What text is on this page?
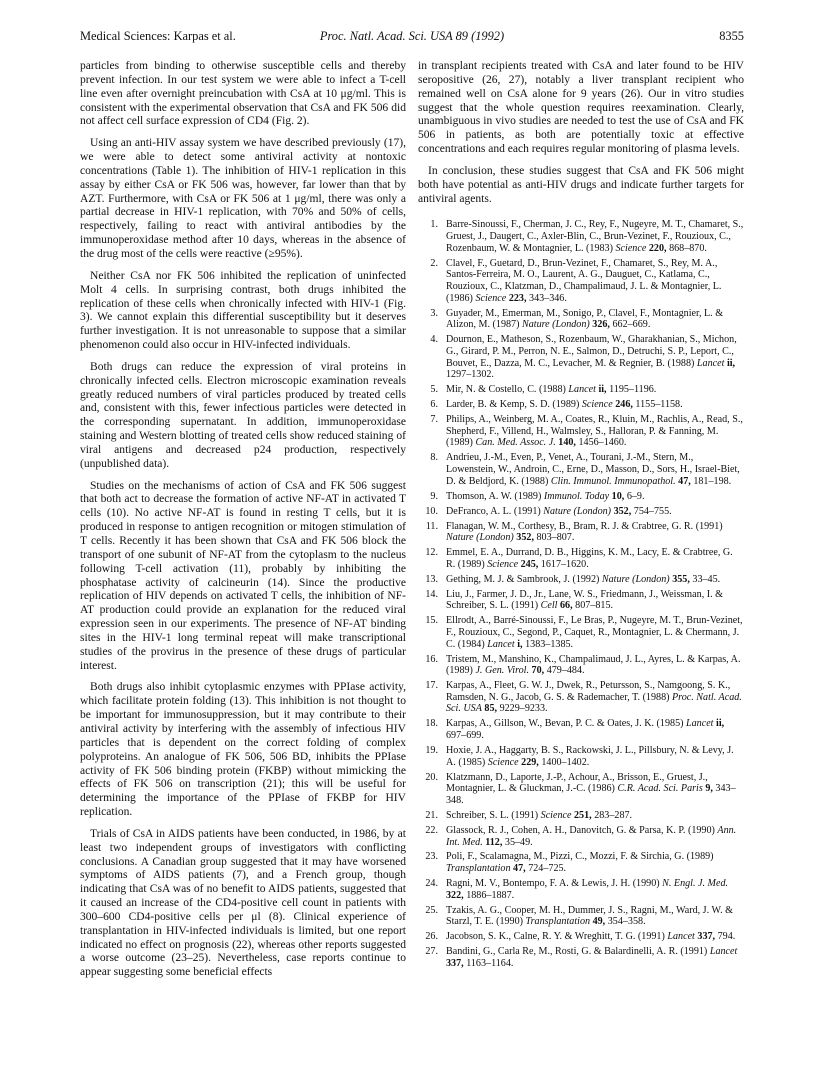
Medical Sciences: Karpas et al.	Proc. Natl. Acad. Sci. USA 89 (1992)	8355

particles from binding to otherwise susceptible cells and thereby prevent infection. In our test system we were able to infect a T-cell line even after overnight preincubation with CsA at 10 μg/ml. This is consistent with the experimental observation that CsA and FK 506 did not affect cell surface expression of CD4 (Fig. 2).

Using an anti-HIV assay system we have described previously (17), we were able to detect some antiviral activity at nontoxic concentrations (Table 1). The inhibition of HIV-1 replication in this assay by either CsA or FK 506 was, however, far lower than that by AZT. Furthermore, with CsA or FK 506 at 1 μg/ml, there was only a partial decrease in HIV-1 replication, with 70% and 50% of cells, respectively, failing to react with antiviral antibodies by the immunoperoxidase method after 10 days, whereas in the absence of the drug most of the cells were reactive (≥95%).

Neither CsA nor FK 506 inhibited the replication of uninfected Molt 4 cells. In surprising contrast, both drugs inhibited the replication of these cells when chronically infected with HIV-1 (Fig. 3). We cannot explain this differential susceptibility but it deserves further investigation. It is not unreasonable to suppose that a similar phenomenon could also occur in HIV-infected individuals.

Both drugs can reduce the expression of viral proteins in chronically infected cells. Electron microscopic examination reveals greatly reduced numbers of viral particles produced by treated cells and, consistent with this, fewer infectious particles were detected in the corresponding supernatant. In addition, immunoperoxidase staining and Western blotting of treated cells show reduced staining of viral antigens and decreased p24 production, respectively (unpublished data).

Studies on the mechanisms of action of CsA and FK 506 suggest that both act to decrease the formation of active NF-AT in activated T cells (10). No active NF-AT is found in resting T cells, but it is produced in response to antigen recognition or mitogen stimulation of T cells. Recently it has been shown that CsA and FK 506 block the transport of one subunit of NF-AT from the cytoplasm to the nucleus following T-cell activation (11), probably by inhibiting the phosphatase activity of calcineurin (14). Since the productive replication of HIV depends on activated T cells, the inhibition of NF-AT production could provide an explanation for the reduced viral expression seen in our experiments. The presence of NF-AT binding sites in the HIV-1 long terminal repeat will make transcriptional studies of the provirus in the presence of these drugs of particular interest.

Both drugs also inhibit cytoplasmic enzymes with PPIase activity, which facilitate protein folding (13). This inhibition is not thought to be important for immunosuppression, but it may contribute to their antiviral activity by interfering with the assembly of infectious HIV particles that is dependent on the correct folding of complex polyproteins. An analogue of FK 506, 506 BD, inhibits the PPIase activity of FK 506 binding protein (FKBP) without mimicking the effects of FK 506 on transcription (21); this will be useful for determining the importance of the PPIase of FKBP for HIV replication.

Trials of CsA in AIDS patients have been conducted, in 1986, by at least two independent groups of investigators with conflicting conclusions. A Canadian group suggested that it may have worsened symptoms of AIDS patients (7), and a French group, though indicating that CsA was of no benefit to AIDS patients, suggested that it caused an increase of the CD4-positive cell count in patients with 300–600 CD4-positive cells per μl (8). Clinical experience of transplantation in HIV-infected individuals is limited, but one report indicated no effect on prognosis (22), whereas other reports suggested a worse outcome (23–25). Nevertheless, case reports continue to appear suggesting some beneficial effects

in transplant recipients treated with CsA and later found to be HIV seropositive (26, 27), notably a liver transplant recipient who remained well on CsA alone for 9 years (26). Our in vitro studies suggest that the whole question requires reexamination. Clearly, unambiguous in vivo studies are needed to test the use of CsA and FK 506 in patients, as both are potentially toxic at effective concentrations and each requires regular monitoring of plasma levels.

In conclusion, these studies suggest that CsA and FK 506 might both have potential as anti-HIV drugs and indicate further targets for antiviral agents.

1. Barre-Sinoussi, F., Cherman, J. C., Rey, F., Nugeyre, M. T., Chamaret, S., Gruest, J., Daugert, C., Axler-Blin, C., Brun-Vezinet, F., Rouzioux, C., Rozenbaum, W. & Montagnier, L. (1983) Science 220, 868–870.
2. Clavel, F., Guetard, D., Brun-Vezinet, F., Chamaret, S., Rey, M. A., Santos-Ferreira, M. O., Laurent, A. G., Dauguet, C., Katlama, C., Rouzioux, C., Klatzman, D., Champalimaud, J. L. & Montagnier, L. (1986) Science 223, 343–346.
3. Guyader, M., Emerman, M., Sonigo, P., Clavel, F., Montagnier, L. & Alizon, M. (1987) Nature (London) 326, 662–669.
4. Dournon, E., Matheson, S., Rozenbaum, W., Gharakhanian, S., Michon, G., Girard, P. M., Perron, N. E., Salmon, D., Detruchi, S. P., Leport, C., Bouvet, E., Dazza, M. C., Levacher, M. & Regnier, B. (1988) Lancet ii, 1297–1302.
5. Mir, N. & Costello, C. (1988) Lancet ii, 1195–1196.
6. Larder, B. & Kemp, S. D. (1989) Science 246, 1155–1158.
7. Philips, A., Weinberg, M. A., Coates, R., Kluin, M., Rachlis, A., Read, S., Shepherd, F., Villend, H., Walmsley, S., Halloran, P. & Fanning, M. (1989) Can. Med. Assoc. J. 140, 1456–1460.
8. Andrieu, J.-M., Even, P., Venet, A., Tourani, J.-M., Stern, M., Lowenstein, W., Androin, C., Erne, D., Masson, D., Sors, H., Israel-Biet, D. & Beldjord, K. (1988) Clin. Immunol. Immunopathol. 47, 181–198.
9. Thomson, A. W. (1989) Immunol. Today 10, 6–9.
10. DeFranco, A. L. (1991) Nature (London) 352, 754–755.
11. Flanagan, W. M., Corthesy, B., Bram, R. J. & Crabtree, G. R. (1991) Nature (London) 352, 803–807.
12. Emmel, E. A., Durrand, D. B., Higgins, K. M., Lacy, E. & Crabtree, G. R. (1989) Science 245, 1617–1620.
13. Gething, M. J. & Sambrook, J. (1992) Nature (London) 355, 33–45.
14. Liu, J., Farmer, J. D., Jr., Lane, W. S., Friedmann, J., Weissman, I. & Schreiber, S. L. (1991) Cell 66, 807–815.
15. Ellrodt, A., Barré-Sinoussi, F., Le Bras, P., Nugeyre, M. T., Brun-Vezinet, F., Rouzioux, C., Segond, P., Caquet, R., Montagnier, L. & Chermann, J. C. (1984) Lancet i, 1383–1385.
16. Tristem, M., Manshino, K., Champalimaud, J. L., Ayres, L. & Karpas, A. (1989) J. Gen. Virol. 70, 479–484.
17. Karpas, A., Fleet, G. W. J., Dwek, R., Petursson, S., Namgoong, S. K., Ramsden, N. G., Jacob, G. S. & Rademacher, T. (1988) Proc. Natl. Acad. Sci. USA 85, 9229–9233.
18. Karpas, A., Gillson, W., Bevan, P. C. & Oates, J. K. (1985) Lancet ii, 697–699.
19. Hoxie, J. A., Haggarty, B. S., Rackowski, J. L., Pillsbury, N. & Levy, J. A. (1985) Science 229, 1400–1402.
20. Klatzmann, D., Laporte, J.-P., Achour, A., Brisson, E., Gruest, J., Montagnier, L. & Gluckman, J.-C. (1986) C.R. Acad. Sci. Paris 9, 343–348.
21. Schreiber, S. L. (1991) Science 251, 283–287.
22. Glassock, R. J., Cohen, A. H., Danovitch, G. & Parsa, K. P. (1990) Ann. Int. Med. 112, 35–49.
23. Poli, F., Scalamagna, M., Pizzi, C., Mozzi, F. & Sirchia, G. (1989) Transplantation 47, 724–725.
24. Ragni, M. V., Bontempo, F. A. & Lewis, J. H. (1990) N. Engl. J. Med. 322, 1886–1887.
25. Tzakis, A. G., Cooper, M. H., Dummer, J. S., Ragni, M., Ward, J. W. & Starzl, T. E. (1990) Transplantation 49, 354–358.
26. Jacobson, S. K., Calne, R. Y. & Wreghitt, T. G. (1991) Lancet 337, 794.
27. Bandini, G., Carla Re, M., Rosti, G. & Balardinelli, A. R. (1991) Lancet 337, 1163–1164.
